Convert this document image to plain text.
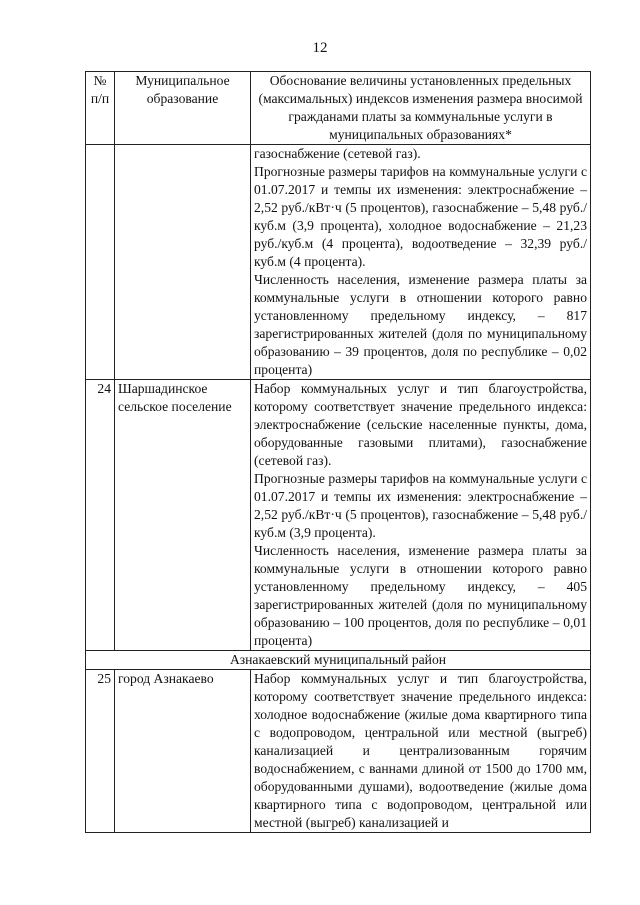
12
№ п/п	Муниципальное образование	Обоснование величины установленных предельных (максимальных) индексов изменения размера вносимой гражданами платы за коммунальные услуги в муниципальных образованиях*

		газоснабжение (сетевой газ).

Прогнозные размеры тарифов на коммунальные услуги с 01.07.2017 и темпы их изменения: электроснабжение – 2,52 руб./кВт·ч (5 процентов), газоснабжение – 5,48 руб./куб.м (3,9 процента), холодное водоснабжение – 21,23 руб./куб.м (4 процента), водоотведение – 32,39 руб./куб.м (4 процента).

Численность населения, изменение размера платы за коммунальные услуги в отношении которого равно установленному предельному индексу, – 817 зарегистрированных жителей (доля по муниципальному образованию – 39 процентов, доля по республике – 0,02 процента)

24	Шаршадинское сельское поселение	Набор коммунальных услуг и тип благоустройства, которому соответствует значение предельного индекса: электроснабжение (сельские населенные пункты, дома, оборудованные газовыми плитами), газоснабжение (сетевой газ).

Прогнозные размеры тарифов на коммунальные услуги с 01.07.2017 и темпы их изменения: электроснабжение – 2,52 руб./кВт·ч (5 процентов), газоснабжение – 5,48 руб./куб.м (3,9 процента).

Численность населения, изменение размера платы за коммунальные услуги в отношении которого равно установленному предельному индексу, – 405 зарегистрированных жителей (доля по муниципальному образованию – 100 процентов, доля по республике – 0,01 процента)

Азнакаевский муниципальный район		
25	город Азнакаево	Набор коммунальных услуг и тип благоустройства, которому соответствует значение предельного индекса: холодное водоснабжение (жилые дома квартирного типа с водопроводом, центральной или местной (выгреб) канализацией и централизованным горячим водоснабжением, с ваннами длиной от 1500 до 1700 мм, оборудованными душами), водоотведение (жилые дома квартирного типа с водопроводом, центральной или местной (выгреб) канализацией и
